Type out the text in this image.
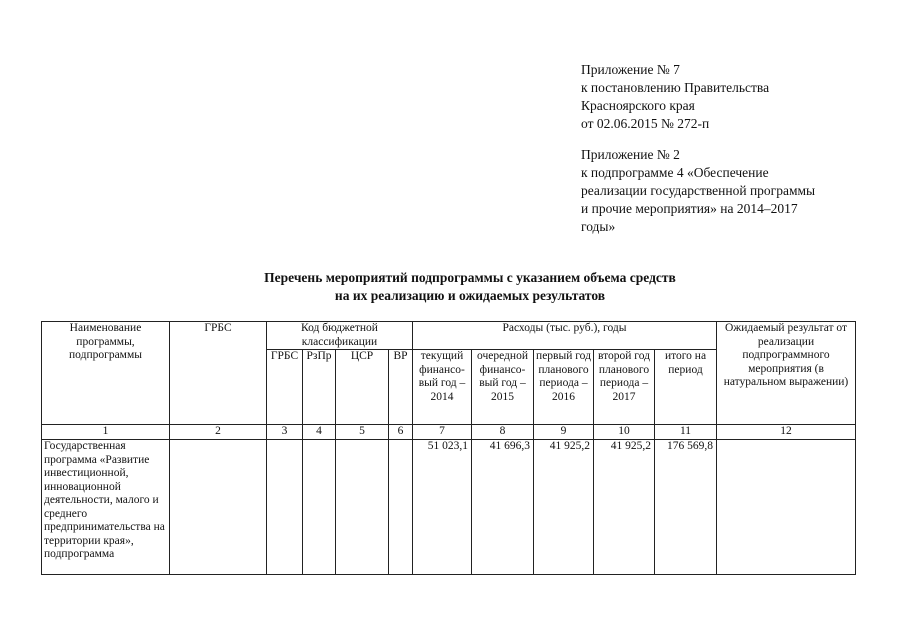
Приложение № 7
к постановлению Правительства
Красноярского края
от 02.06.2015 № 272-п
Приложение № 2
к подпрограмме 4 «Обеспечение
реализации государственной программы
и прочие мероприятия» на 2014–2017
годы»
Перечень мероприятий подпрограммы с указанием объема средств
на их реализацию и ожидаемых результатов
Наименование программы, подпрограммы	ГРБС	Код бюджетной классификации				Расходы (тыс. руб.), годы					Ожидаемый результат от реализации подпрограммного мероприятия (в натуральном выражении)
		ГРБС	РзПр	ЦСР	ВР	текущий финансо-вый год – 2014	очередной финансо-вый год – 2015	первый год планового периода – 2016	второй год планового периода – 2017	итого на период	
1	2	3	4	5	6	7	8	9	10	11	12
Государственная программа «Развитие инвестиционной, инновационной деятельности, малого и среднего предпринимательства на территории края», подпрограмма						51 023,1	41 696,3	41 925,2	41 925,2	176 569,8	
